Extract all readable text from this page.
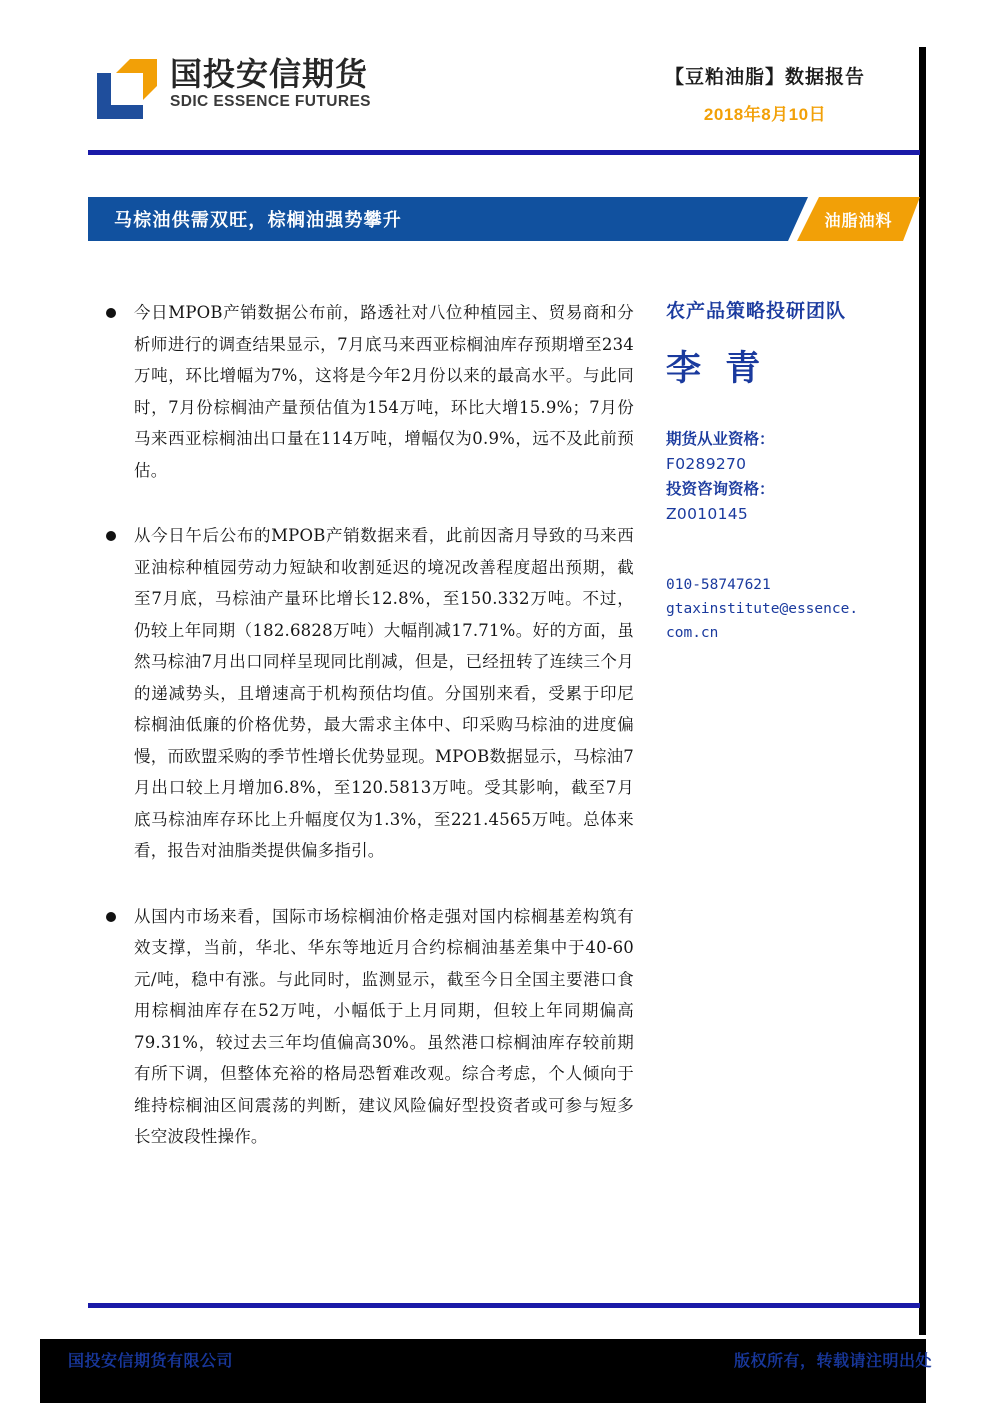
国投安信期货
SDIC ESSENCE FUTURES
【豆粕油脂】数据报告
2018年8月10日
马棕油供需双旺，棕榈油强势攀升	油脂油料
今日MPOB产销数据公布前，路透社对八位种植园主、贸易商和分析师进行的调查结果显示，7月底马来西亚棕榈油库存预期增至234万吨，环比增幅为7%，这将是今年2月份以来的最高水平。与此同时，7月份棕榈油产量预估值为154万吨，环比大增15.9%；7月份马来西亚棕榈油出口量在114万吨，增幅仅为0.9%，远不及此前预估。
从今日午后公布的MPOB产销数据来看，此前因斋月导致的马来西亚油棕种植园劳动力短缺和收割延迟的境况改善程度超出预期，截至7月底，马棕油产量环比增长12.8%，至150.332万吨。不过，仍较上年同期（182.6828万吨）大幅削减17.71%。好的方面，虽然马棕油7月出口同样呈现同比削减，但是，已经扭转了连续三个月的递减势头，且增速高于机构预估均值。分国别来看，受累于印尼棕榈油低廉的价格优势，最大需求主体中、印采购马棕油的进度偏慢，而欧盟采购的季节性增长优势显现。MPOB数据显示，马棕油7月出口较上月增加6.8%，至120.5813万吨。受其影响，截至7月底马棕油库存环比上升幅度仅为1.3%，至221.4565万吨。总体来看，报告对油脂类提供偏多指引。
从国内市场来看，国际市场棕榈油价格走强对国内棕榈基差构筑有效支撑，当前，华北、华东等地近月合约棕榈油基差集中于40-60元/吨，稳中有涨。与此同时，监测显示，截至今日全国主要港口食用棕榈油库存在52万吨，小幅低于上月同期，但较上年同期偏高79.31%，较过去三年均值偏高30%。虽然港口棕榈油库存较前期有所下调，但整体充裕的格局恐暂难改观。综合考虑，个人倾向于维持棕榈油区间震荡的判断，建议风险偏好型投资者或可参与短多长空波段性操作。
农产品策略投研团队
李 青
期货从业资格：
F0289270
投资咨询资格：
Z0010145
010-58747621
gtaxinstitute@essence.
com.cn
国投安信期货有限公司	版权所有，转载请注明出处
